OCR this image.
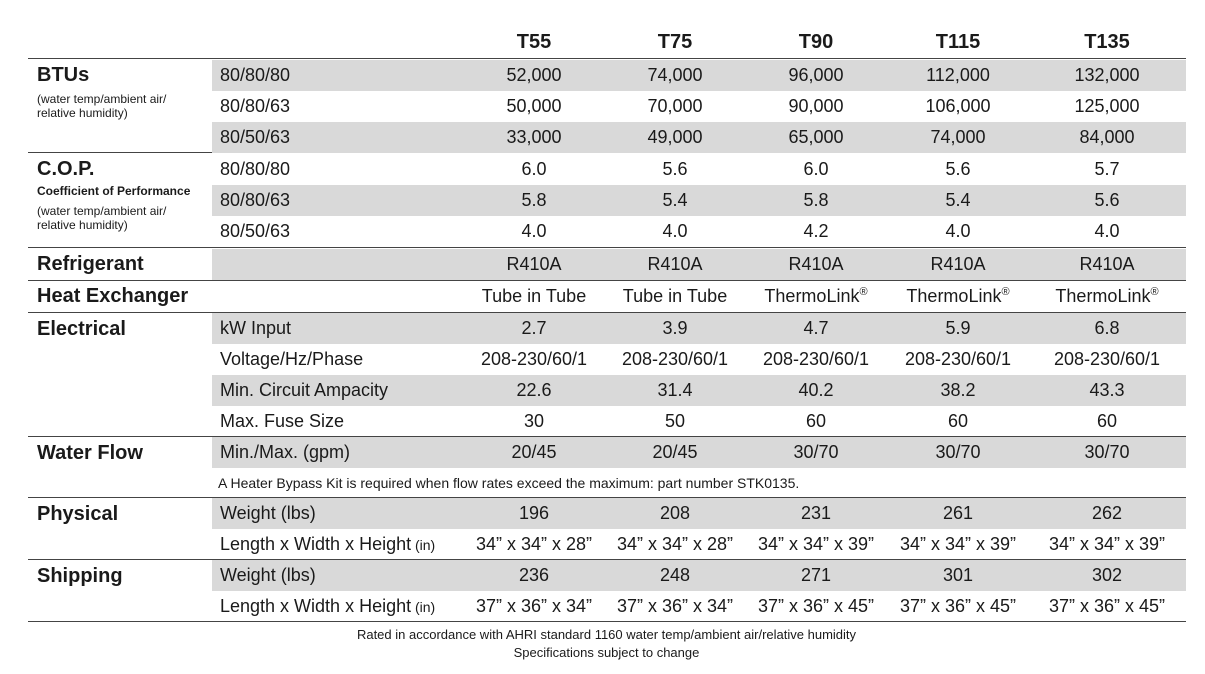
T55	T75	T90	T115	T135
BTUs
(water temp/ambient air/ relative humidity)
80/80/80	52,000	74,000	96,000	112,000	132,000
80/80/63	50,000	70,000	90,000	106,000	125,000
80/50/63	33,000	49,000	65,000	74,000	84,000
C.O.P.
Coefficient of Performance
(water temp/ambient air/ relative humidity)
80/80/80	6.0	5.6	6.0	5.6	5.7
80/80/63	5.8	5.4	5.8	5.4	5.6
80/50/63	4.0	4.0	4.2	4.0	4.0
Refrigerant	R410A	R410A	R410A	R410A	R410A
Heat Exchanger	Tube in Tube	Tube in Tube	ThermoLink®	ThermoLink®	ThermoLink®
Electrical	kW Input	2.7	3.9	4.7	5.9	6.8
Voltage/Hz/Phase	208-230/60/1	208-230/60/1	208-230/60/1	208-230/60/1	208-230/60/1
Min. Circuit Ampacity	22.6	31.4	40.2	38.2	43.3
Max. Fuse Size	30	50	60	60	60
Water Flow	Min./Max. (gpm)	20/45	20/45	30/70	30/70	30/70
A Heater Bypass Kit is required when flow rates exceed the maximum: part number STK0135.
Physical	Weight (lbs)	196	208	231	261	262
Length x Width x Height (in)	34” x 34” x 28”	34” x 34” x 28”	34” x 34” x 39”	34” x 34” x 39”	34” x 34” x 39”
Shipping	Weight (lbs)	236	248	271	301	302
Length x Width x Height (in)	37” x 36” x 34”	37” x 36” x 34”	37” x 36” x 45”	37” x 36” x 45”	37” x 36” x 45”
Rated in accordance with AHRI standard 1160 water temp/ambient air/relative humidity
Specifications subject to change
